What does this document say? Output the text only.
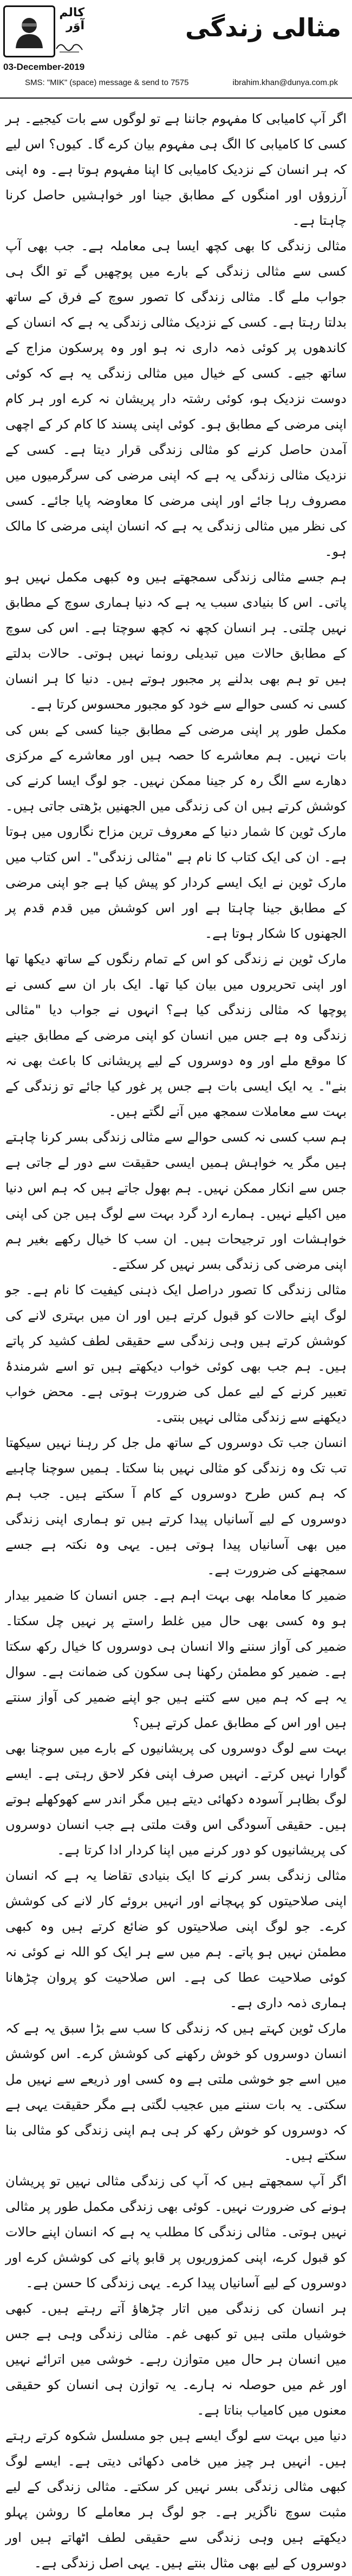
کالم آوَر	مثالی زندگی
03-December-2019
SMS: "MIK" (space) message & send to 7575	ibrahim.khan@dunya.com.pk

اگر آپ کامیابی کا مفہوم جاننا ہے تو لوگوں سے بات کیجیے۔ ہر کسی کا کامیابی کا الگ ہی مفہوم بیان کرے گا۔ کیوں؟ اس لیے کہ ہر انسان کے نزدیک کامیابی کا اپنا مفہوم ہوتا ہے۔ وہ اپنی آرزوؤں اور امنگوں کے مطابق جینا اور خواہشیں حاصل کرنا چاہتا ہے۔

مثالی زندگی کا بھی کچھ ایسا ہی معاملہ ہے۔ جب بھی آپ کسی سے مثالی زندگی کے بارے میں پوچھیں گے تو الگ ہی جواب ملے گا۔ مثالی زندگی کا تصور سوچ کے فرق کے ساتھ بدلتا رہتا ہے۔ کسی کے نزدیک مثالی زندگی یہ ہے کہ انسان کے کاندھوں پر کوئی ذمہ داری نہ ہو اور وہ پرسکون مزاج کے ساتھ جیے۔ کسی کے خیال میں مثالی زندگی یہ ہے کہ کوئی دوست نزدیک ہو، کوئی رشتہ دار پریشان نہ کرے اور ہر کام اپنی مرضی کے مطابق ہو۔ کوئی اپنی پسند کا کام کر کے اچھی آمدن حاصل کرنے کو مثالی زندگی قرار دیتا ہے۔ کسی کے نزدیک مثالی زندگی یہ ہے کہ اپنی مرضی کی سرگرمیوں میں مصروف رہا جائے اور اپنی مرضی کا معاوضہ پایا جائے۔ کسی کی نظر میں مثالی زندگی یہ ہے کہ انسان اپنی مرضی کا مالک ہو۔

ہم جسے مثالی زندگی سمجھتے ہیں وہ کبھی مکمل نہیں ہو پاتی۔ اس کا بنیادی سبب یہ ہے کہ دنیا ہماری سوچ کے مطابق نہیں چلتی۔ ہر انسان کچھ نہ کچھ سوچتا ہے۔ اس کی سوچ کے مطابق حالات میں تبدیلی رونما نہیں ہوتی۔ حالات بدلتے ہیں تو ہم بھی بدلنے پر مجبور ہوتے ہیں۔ دنیا کا ہر انسان کسی نہ کسی حوالے سے خود کو مجبور محسوس کرتا ہے۔

مکمل طور پر اپنی مرضی کے مطابق جینا کسی کے بس کی بات نہیں۔ ہم معاشرے کا حصہ ہیں اور معاشرے کے مرکزی دھارے سے الگ رہ کر جینا ممکن نہیں۔ جو لوگ ایسا کرنے کی کوشش کرتے ہیں ان کی زندگی میں الجھنیں بڑھتی جاتی ہیں۔ مارک ٹوین کا شمار دنیا کے معروف ترین مزاح نگاروں میں ہوتا ہے۔ ان کی ایک کتاب کا نام ہے "مثالی زندگی"۔ اس کتاب میں مارک ٹوین نے ایک ایسے کردار کو پیش کیا ہے جو اپنی مرضی کے مطابق جینا چاہتا ہے اور اس کوشش میں قدم قدم پر الجھنوں کا شکار ہوتا ہے۔

مارک ٹوین نے زندگی کو اس کے تمام رنگوں کے ساتھ دیکھا تھا اور اپنی تحریروں میں بیان کیا تھا۔ ایک بار ان سے کسی نے پوچھا کہ مثالی زندگی کیا ہے؟ انہوں نے جواب دیا "مثالی زندگی وہ ہے جس میں انسان کو اپنی مرضی کے مطابق جینے کا موقع ملے اور وہ دوسروں کے لیے پریشانی کا باعث بھی نہ بنے"۔ یہ ایک ایسی بات ہے جس پر غور کیا جائے تو زندگی کے بہت سے معاملات سمجھ میں آنے لگتے ہیں۔

ہم سب کسی نہ کسی حوالے سے مثالی زندگی بسر کرنا چاہتے ہیں مگر یہ خواہش ہمیں ایسی حقیقت سے دور لے جاتی ہے جس سے انکار ممکن نہیں۔ ہم بھول جاتے ہیں کہ ہم اس دنیا میں اکیلے نہیں۔ ہمارے ارد گرد بہت سے لوگ ہیں جن کی اپنی خواہشات اور ترجیحات ہیں۔ ان سب کا خیال رکھے بغیر ہم اپنی مرضی کی زندگی بسر نہیں کر سکتے۔

مثالی زندگی کا تصور دراصل ایک ذہنی کیفیت کا نام ہے۔ جو لوگ اپنے حالات کو قبول کرتے ہیں اور ان میں بہتری لانے کی کوشش کرتے ہیں وہی زندگی سے حقیقی لطف کشید کر پاتے ہیں۔ ہم جب بھی کوئی خواب دیکھتے ہیں تو اسے شرمندۂ تعبیر کرنے کے لیے عمل کی ضرورت ہوتی ہے۔ محض خواب دیکھنے سے زندگی مثالی نہیں بنتی۔

انسان جب تک دوسروں کے ساتھ مل جل کر رہنا نہیں سیکھتا تب تک وہ زندگی کو مثالی نہیں بنا سکتا۔ ہمیں سوچنا چاہیے کہ ہم کس طرح دوسروں کے کام آ سکتے ہیں۔ جب ہم دوسروں کے لیے آسانیاں پیدا کرتے ہیں تو ہماری اپنی زندگی میں بھی آسانیاں پیدا ہوتی ہیں۔ یہی وہ نکتہ ہے جسے سمجھنے کی ضرورت ہے۔

ضمیر کا معاملہ بھی بہت اہم ہے۔ جس انسان کا ضمیر بیدار ہو وہ کسی بھی حال میں غلط راستے پر نہیں چل سکتا۔ ضمیر کی آواز سننے والا انسان ہی دوسروں کا خیال رکھ سکتا ہے۔ ضمیر کو مطمئن رکھنا ہی سکون کی ضمانت ہے۔ سوال یہ ہے کہ ہم میں سے کتنے ہیں جو اپنے ضمیر کی آواز سنتے ہیں اور اس کے مطابق عمل کرتے ہیں؟

بہت سے لوگ دوسروں کی پریشانیوں کے بارے میں سوچنا بھی گوارا نہیں کرتے۔ انہیں صرف اپنی فکر لاحق رہتی ہے۔ ایسے لوگ بظاہر آسودہ دکھائی دیتے ہیں مگر اندر سے کھوکھلے ہوتے ہیں۔ حقیقی آسودگی اس وقت ملتی ہے جب انسان دوسروں کی پریشانیوں کو دور کرنے میں اپنا کردار ادا کرتا ہے۔

مثالی زندگی بسر کرنے کا ایک بنیادی تقاضا یہ ہے کہ انسان اپنی صلاحیتوں کو پہچانے اور انہیں بروئے کار لانے کی کوشش کرے۔ جو لوگ اپنی صلاحیتوں کو ضائع کرتے ہیں وہ کبھی مطمئن نہیں ہو پاتے۔ ہم میں سے ہر ایک کو اللہ نے کوئی نہ کوئی صلاحیت عطا کی ہے۔ اس صلاحیت کو پروان چڑھانا ہماری ذمہ داری ہے۔

مارک ٹوین کہتے ہیں کہ زندگی کا سب سے بڑا سبق یہ ہے کہ انسان دوسروں کو خوش رکھنے کی کوشش کرے۔ اس کوشش میں اسے جو خوشی ملتی ہے وہ کسی اور ذریعے سے نہیں مل سکتی۔ یہ بات سننے میں عجیب لگتی ہے مگر حقیقت یہی ہے کہ دوسروں کو خوش رکھ کر ہی ہم اپنی زندگی کو مثالی بنا سکتے ہیں۔

اگر آپ سمجھتے ہیں کہ آپ کی زندگی مثالی نہیں تو پریشان ہونے کی ضرورت نہیں۔ کوئی بھی زندگی مکمل طور پر مثالی نہیں ہوتی۔ مثالی زندگی کا مطلب یہ ہے کہ انسان اپنے حالات کو قبول کرے، اپنی کمزوریوں پر قابو پانے کی کوشش کرے اور دوسروں کے لیے آسانیاں پیدا کرے۔ یہی زندگی کا حسن ہے۔

ہر انسان کی زندگی میں اتار چڑھاؤ آتے رہتے ہیں۔ کبھی خوشیاں ملتی ہیں تو کبھی غم۔ مثالی زندگی وہی ہے جس میں انسان ہر حال میں متوازن رہے۔ خوشی میں اترائے نہیں اور غم میں حوصلہ نہ ہارے۔ یہ توازن ہی انسان کو حقیقی معنوں میں کامیاب بناتا ہے۔

دنیا میں بہت سے لوگ ایسے ہیں جو مسلسل شکوہ کرتے رہتے ہیں۔ انہیں ہر چیز میں خامی دکھائی دیتی ہے۔ ایسے لوگ کبھی مثالی زندگی بسر نہیں کر سکتے۔ مثالی زندگی کے لیے مثبت سوچ ناگزیر ہے۔ جو لوگ ہر معاملے کا روشن پہلو دیکھتے ہیں وہی زندگی سے حقیقی لطف اٹھاتے ہیں اور دوسروں کے لیے بھی مثال بنتے ہیں۔ یہی اصل زندگی ہے۔
